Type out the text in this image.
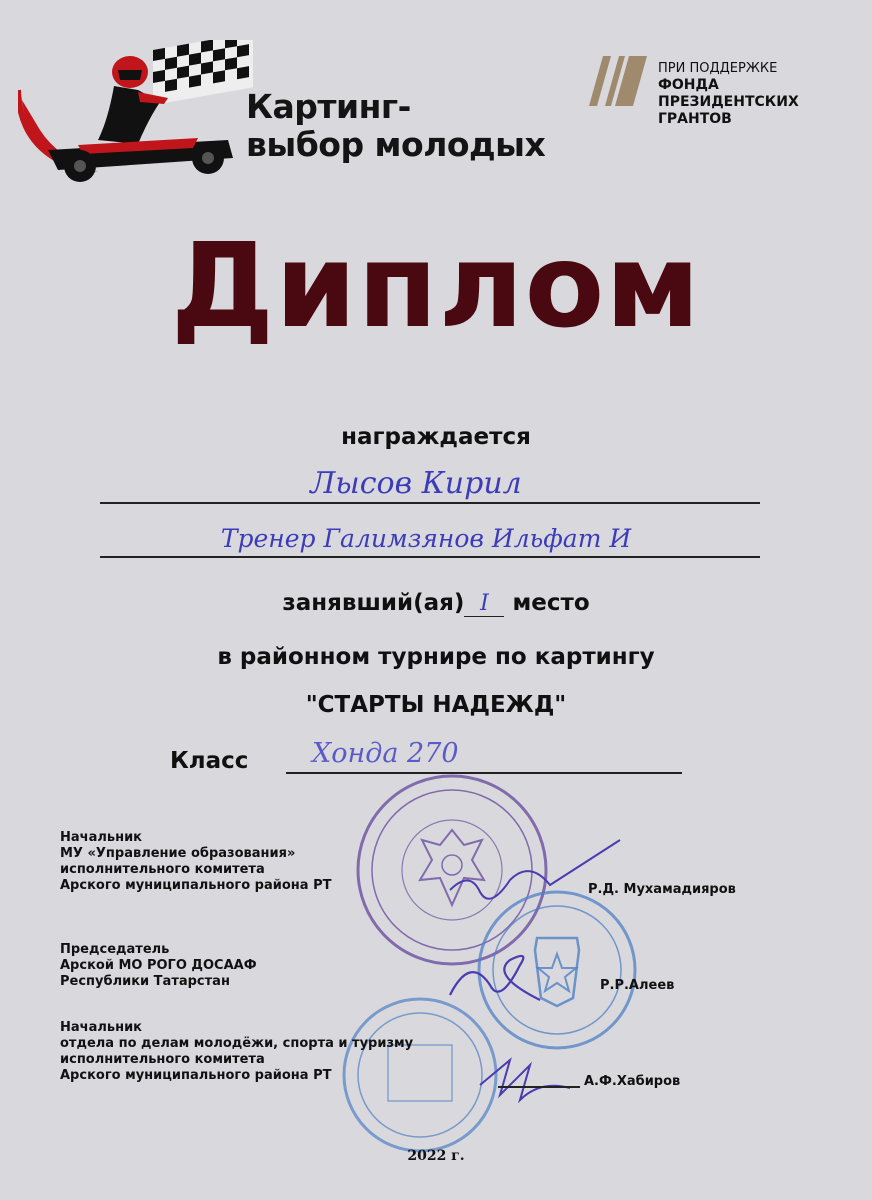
Картинг-
выбор молодых
ПРИ ПОДДЕРЖКЕ
ФОНДА
ПРЕЗИДЕНТСКИХ
ГРАНТОВ
Диплом
награждается
Лысов Кирил
Тренер Галимзянов Ильфат И
занявший(ая) I место
в районном турнире по картингу
"СТАРТЫ НАДЕЖД"
Класс Хонда 270
Начальник
МУ «Управление образования»
исполнительного комитета
Арского муниципального района РТ	Р.Д. Мухамадияров
Председатель
Арской МО РОГО ДОСААФ
Республики Татарстан	Р.Р.Алеев
Начальник
отдела по делам молодёжи, спорта и туризму
исполнительного комитета
Арского муниципального района РТ	А.Ф.Хабиров
2022 г.
